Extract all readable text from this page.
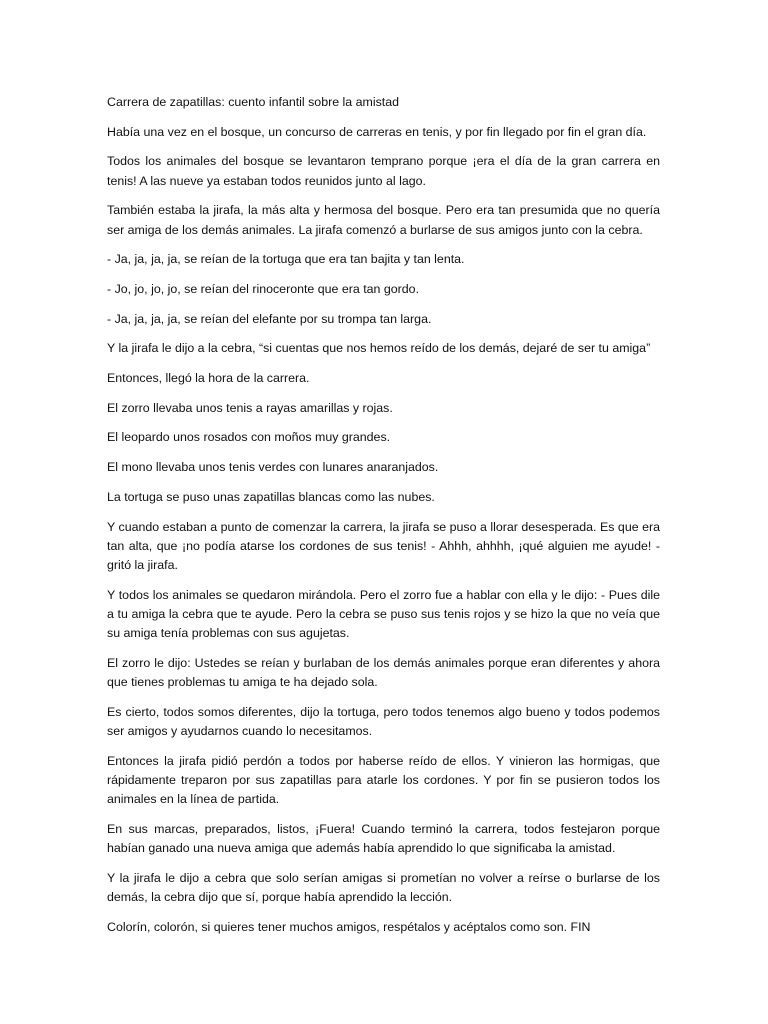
Carrera de zapatillas: cuento infantil sobre la amistad

Había una vez en el bosque, un concurso de carreras en tenis, y por fin llegado por fin el gran día.

Todos los animales del bosque se levantaron temprano porque ¡era el día de la gran carrera en tenis! A las nueve ya estaban todos reunidos junto al lago.

También estaba la jirafa, la más alta y hermosa del bosque. Pero era tan presumida que no quería ser amiga de los demás animales. La jirafa comenzó a burlarse de sus amigos junto con la cebra.

- Ja, ja, ja, ja, se reían de la tortuga que era tan bajita y tan lenta.

- Jo, jo, jo, jo, se reían del rinoceronte que era tan gordo.

- Ja, ja, ja, ja, se reían del elefante por su trompa tan larga.

Y la jirafa le dijo a la cebra, “si cuentas que nos hemos reído de los demás, dejaré de ser tu amiga”

Entonces, llegó la hora de la carrera.

El zorro llevaba unos tenis a rayas amarillas y rojas.

El leopardo unos rosados con moños muy grandes.

El mono llevaba unos tenis verdes con lunares anaranjados.

La tortuga se puso unas zapatillas blancas como las nubes.

Y cuando estaban a punto de comenzar la carrera, la jirafa se puso a llorar desesperada. Es que era tan alta, que ¡no podía atarse los cordones de sus tenis! - Ahhh, ahhhh, ¡qué alguien me ayude! - gritó la jirafa.

Y todos los animales se quedaron mirándola. Pero el zorro fue a hablar con ella y le dijo: - Pues dile a tu amiga la cebra que te ayude. Pero la cebra se puso sus tenis rojos y se hizo la que no veía que su amiga tenía problemas con sus agujetas.

El zorro le dijo: Ustedes se reían y burlaban de los demás animales porque eran diferentes y ahora que tienes problemas tu amiga te ha dejado sola.

Es cierto, todos somos diferentes, dijo la tortuga, pero todos tenemos algo bueno y todos podemos ser amigos y ayudarnos cuando lo necesitamos.

Entonces la jirafa pidió perdón a todos por haberse reído de ellos. Y vinieron las hormigas, que rápidamente treparon por sus zapatillas para atarle los cordones. Y por fin se pusieron todos los animales en la línea de partida.

En sus marcas, preparados, listos, ¡Fuera! Cuando terminó la carrera, todos festejaron porque habían ganado una nueva amiga que además había aprendido lo que significaba la amistad.

Y la jirafa le dijo a cebra que solo serían amigas si prometían no volver a reírse o burlarse de los demás, la cebra dijo que sí, porque había aprendido la lección.

Colorín, colorón, si quieres tener muchos amigos, respétalos y acéptalos como son. FIN
